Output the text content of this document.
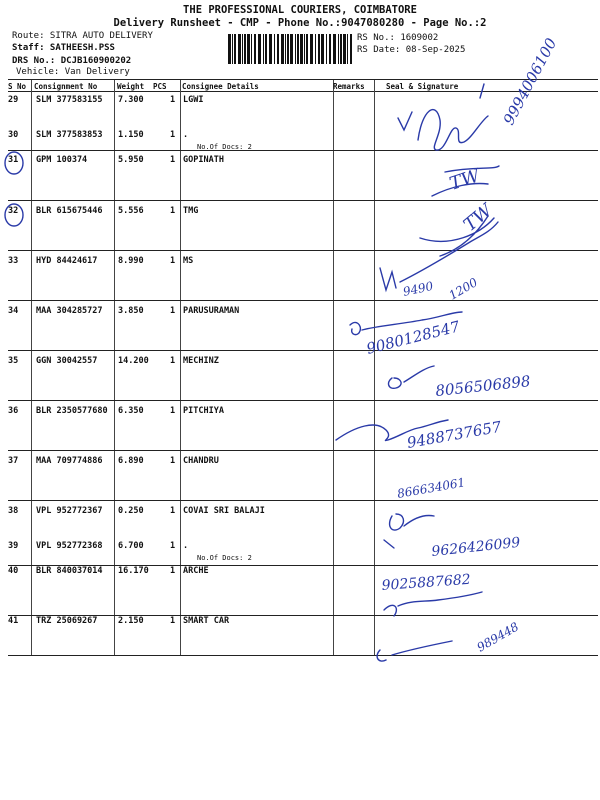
THE PROFESSIONAL COURIERS, COIMBATORE
Delivery Runsheet - CMP - Phone No.:9047080280 - Page No.:2
Route: SITRA AUTO DELIVERY
Staff: SATHEESH.PSS
DRS No.: DCJB160900202
Vehicle: Van Delivery
RS No.: 1609002
RS Date: 08-Sep-2025
S No Consignment No	Weight PCS Consignee Details	Remarks	Seal & Signature
29 SLM 377583155 7.300	1 LGWI
30 SLM 377583853 1.150	1 .
No.Of Docs: 2
31 GPM 100374	5.950	1 GOPINATH
32 BLR 615675446 5.556	1 TMG
33 HYD 84424617 8.990	1 MS
34 MAA 304285727 3.850	1 PARUSURAMAN
35 GGN 30042557 14.200	1 MECHINZ
36 BLR 2350577680 6.350	1 PITCHIYA
37 MAA 709774886 6.890	1 CHANDRU
38 VPL 952772367 0.250	1 COVAI SRI BALAJI
39 VPL 952772368 6.700	1 .
No.Of Docs: 2
40 BLR 840037014 16.170	1 ARCHE
41 TRZ 25069267 2.150	1 SMART CAR
9994006100
TW
TW
9490 1200
9080128547
8056506898
9488737657
866634061
9626426099
9025887682
989448
